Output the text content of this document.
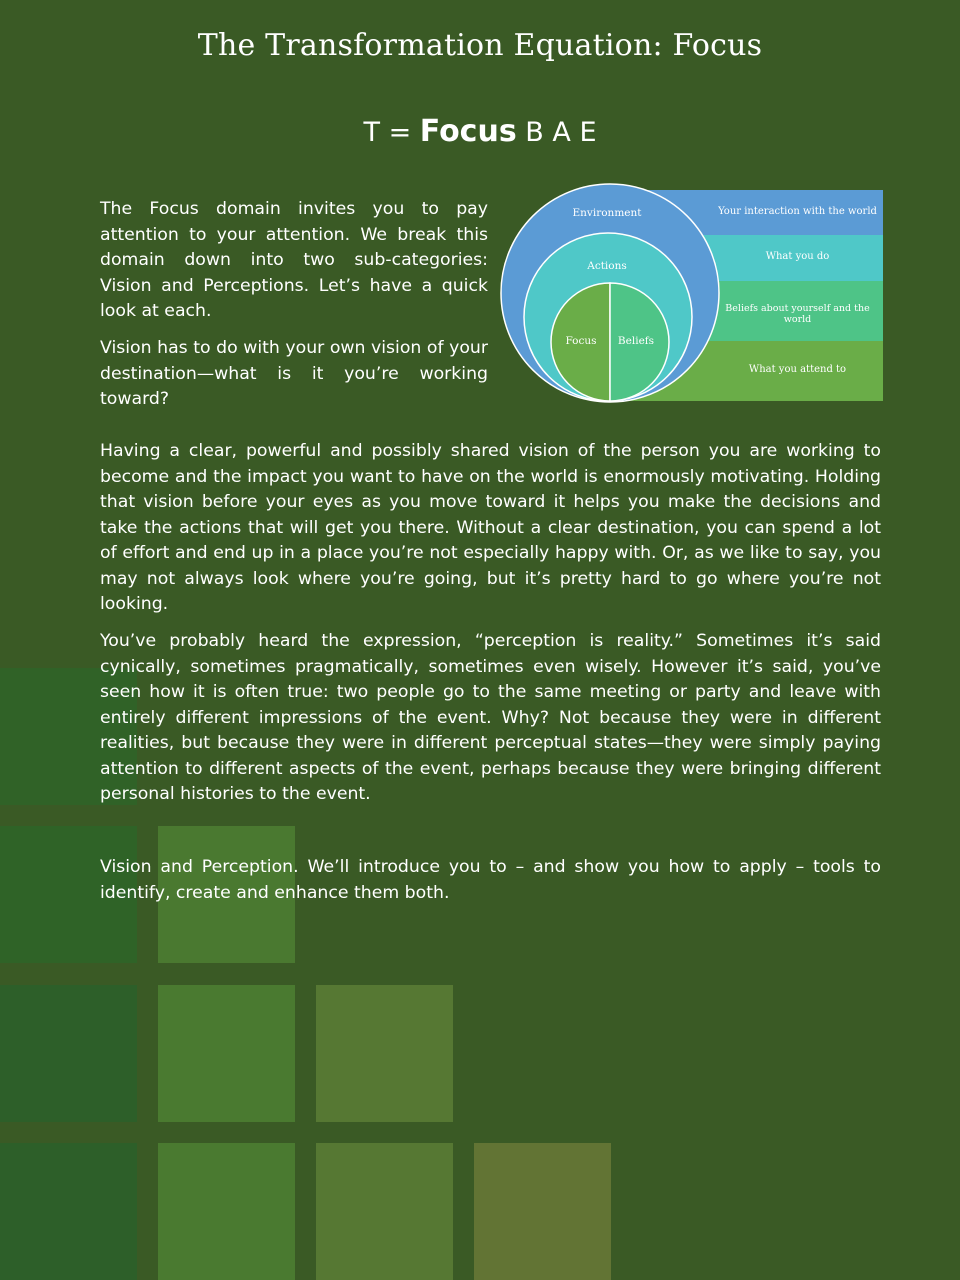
The Transformation Equation: Focus
T = Focus B A E

The Focus domain invites you to pay attention to your attention. We break this domain down into two sub-categories: Vision and Perceptions. Let’s have a quick look at each.

Vision has to do with your own vision of your destination—what is it you’re working toward?

Environment
Actions
Focus Beliefs
Your interaction with the world
What you do
Beliefs about yourself and the world
What you attend to

Having a clear, powerful and possibly shared vision of the person you are working to become and the impact you want to have on the world is enormously motivating. Holding that vision before your eyes as you move toward it helps you make the decisions and take the actions that will get you there. Without a clear destination, you can spend a lot of effort and end up in a place you’re not especially happy with. Or, as we like to say, you may not always look where you’re going, but it’s pretty hard to go where you’re not looking.

You’ve probably heard the expression, “perception is reality.” Sometimes it’s said cynically, sometimes pragmatically, sometimes even wisely. However it’s said, you’ve seen how it is often true: two people go to the same meeting or party and leave with entirely different impressions of the event. Why? Not because they were in different realities, but because they were in different perceptual states—they were simply paying attention to different aspects of the event, perhaps because they were bringing different personal histories to the event.

Vision and Perception. We’ll introduce you to – and show you how to apply – tools to identify, create and enhance them both.
